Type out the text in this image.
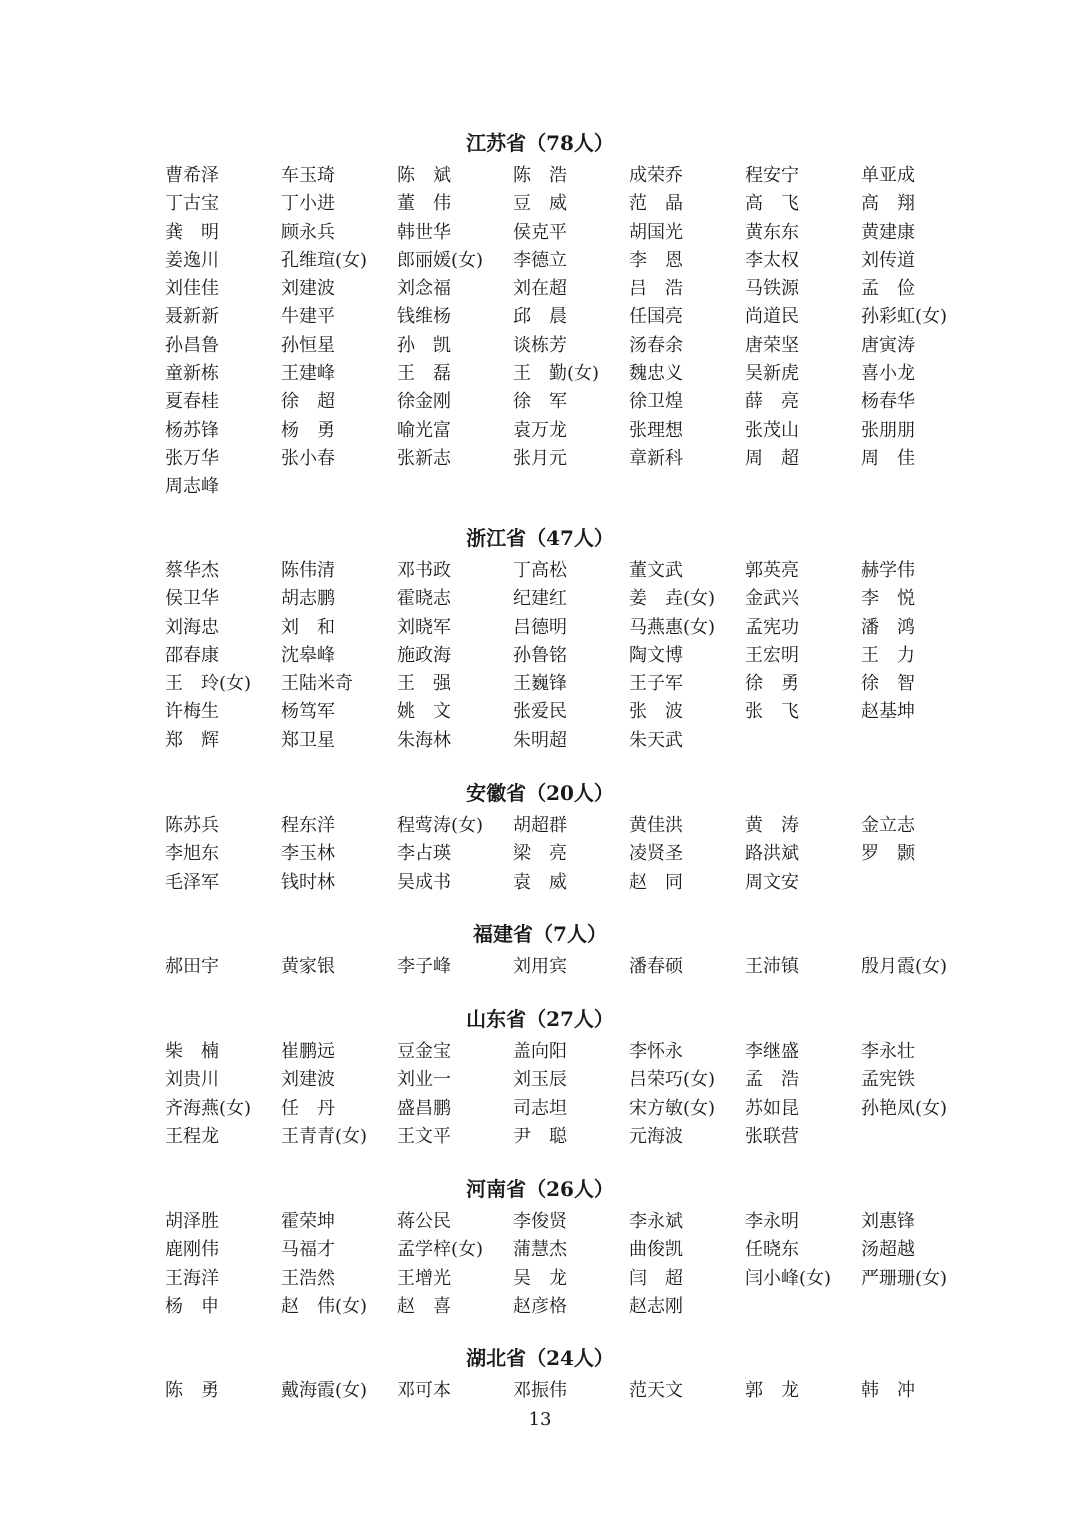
江苏省（78人）
曹希泽	车玉琦	陈　斌	陈　浩	成荣乔	程安宁	单亚成
丁古宝	丁小进	董　伟	豆　威	范　晶	高　飞	高　翔
龚　明	顾永兵	韩世华	侯克平	胡国光	黄东东	黄建康
姜逸川	孔维瑄(女)	郎丽媛(女)	李德立	李　恩	李太权	刘传道
刘佳佳	刘建波	刘念福	刘在超	吕　浩	马铁源	孟　俭
聂新新	牛建平	钱维杨	邱　晨	任国亮	尚道民	孙彩虹(女)
孙昌鲁	孙恒星	孙　凯	谈栋芳	汤春余	唐荣坚	唐寅涛
童新栋	王建峰	王　磊	王　勤(女)	魏忠义	吴新虎	喜小龙
夏春桂	徐　超	徐金刚	徐　军	徐卫煌	薛　亮	杨春华
杨苏锋	杨　勇	喻光富	袁万龙	张理想	张茂山	张朋朋
张万华	张小春	张新志	张月元	章新科	周　超	周　佳
周志峰
浙江省（47人）
蔡华杰	陈伟清	邓书政	丁高松	董文武	郭英亮	赫学伟
侯卫华	胡志鹏	霍晓志	纪建红	姜　垚(女)	金武兴	李　悦
刘海忠	刘　和	刘晓军	吕德明	马燕惠(女)	孟宪功	潘　鸿
邵春康	沈皋峰	施政海	孙鲁铭	陶文博	王宏明	王　力
王　玲(女)	王陆米奇	王　强	王巍锋	王子军	徐　勇	徐　智
许梅生	杨笃军	姚　文	张爱民	张　波	张　飞	赵基坤
郑　辉	郑卫星	朱海林	朱明超	朱天武
安徽省（20人）
陈苏兵	程东洋	程莺涛(女)	胡超群	黄佳洪	黄　涛	金立志
李旭东	李玉林	李占瑛	梁　亮	凌贤圣	路洪斌	罗　颢
毛泽军	钱时林	吴成书	袁　威	赵　同	周文安
福建省（7人）
郝田宇	黄家银	李子峰	刘用宾	潘春硕	王沛镇	殷月霞(女)
山东省（27人）
柴　楠	崔鹏远	豆金宝	盖向阳	李怀永	李继盛	李永壮
刘贵川	刘建波	刘业一	刘玉辰	吕荣巧(女)	孟　浩	孟宪铁
齐海燕(女)	任　丹	盛昌鹏	司志坦	宋方敏(女)	苏如昆	孙艳凤(女)
王程龙	王青青(女)	王文平	尹　聪	元海波	张联营
河南省（26人）
胡泽胜	霍荣坤	蒋公民	李俊贤	李永斌	李永明	刘惠锋
鹿刚伟	马福才	孟学梓(女)	蒲慧杰	曲俊凯	任晓东	汤超越
王海洋	王浩然	王增光	吴　龙	闫　超	闫小峰(女)	严珊珊(女)
杨　申	赵　伟(女)	赵　喜	赵彦格	赵志刚
湖北省（24人）
陈　勇	戴海霞(女)	邓可本	邓振伟	范天文	郭　龙	韩　冲
13
